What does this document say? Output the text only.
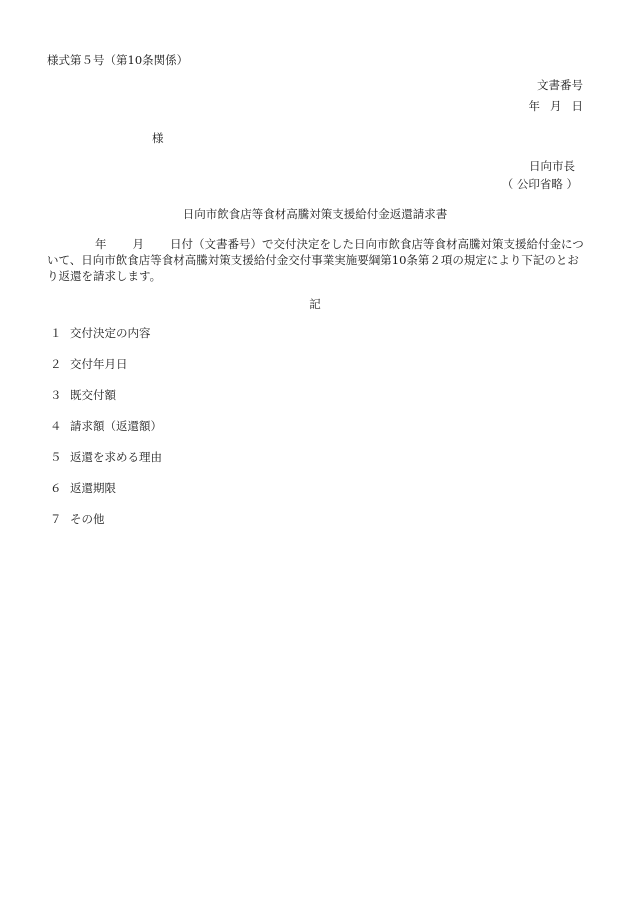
様式第５号（第10条関係）
文書番号
年 月 日
様
日向市長
（ 公印省略 ）
日向市飲食店等食材高騰対策支援給付金返還請求書
年 月 日付（文書番号）で交付決定をした日向市飲食店等食材高騰対策支援給付金につ
いて、日向市飲食店等食材高騰対策支援給付金交付事業実施要綱第10条第２項の規定により下記のとお
り返還を請求します。
記
１ 交付決定の内容
２ 交付年月日
３ 既交付額
４ 請求額（返還額）
５ 返還を求める理由
６ 返還期限
７ その他
